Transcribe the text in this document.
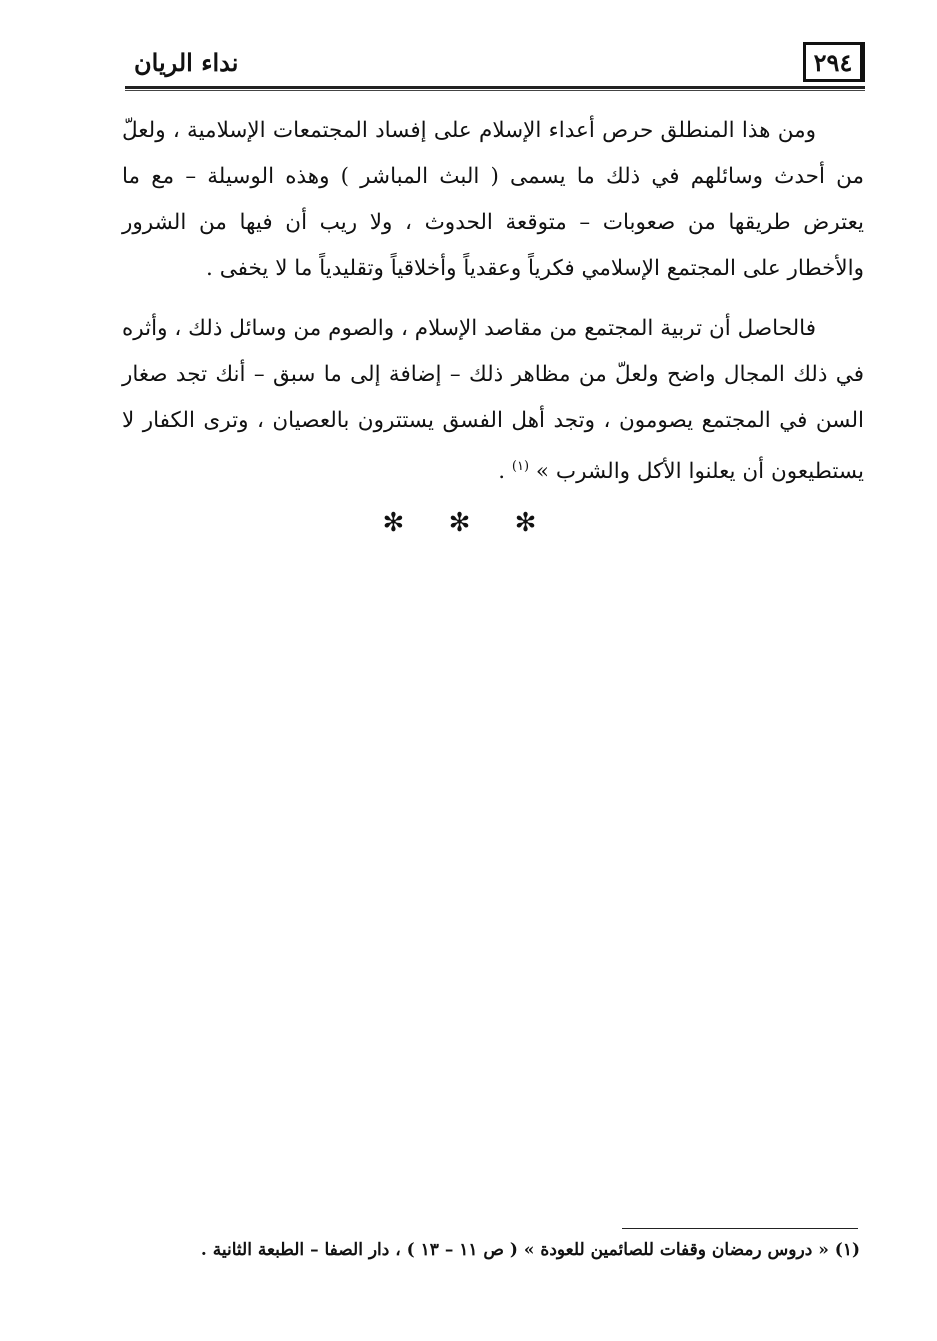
٢٩٤
نداء الريان

ومن هذا المنطلق حرص أعداء الإسلام على إفساد المجتمعات الإسلامية ، ولعلّ من أحدث وسائلهم في ذلك ما يسمى ( البث المباشر ) وهذه الوسيلة – مع ما يعترض طريقها من صعوبات – متوقعة الحدوث ، ولا ريب أن فيها من الشرور والأخطار على المجتمع الإسلامي فكرياً وعقدياً وأخلاقياً وتقليدياً ما لا يخفى .

فالحاصل أن تربية المجتمع من مقاصد الإسلام ، والصوم من وسائل ذلك ، وأثره في ذلك المجال واضح ولعلّ من مظاهر ذلك – إضافة إلى ما سبق – أنك تجد صغار السن في المجتمع يصومون ، وتجد أهل الفسق يستترون بالعصيان ، وترى الكفار لا يستطيعون أن يعلنوا الأكل والشرب » $^{(١)}$ .

✻ ✻ ✻
(١) « دروس رمضان وقفات للصائمين للعودة » ( ص ١١ – ١٣ ) ، دار الصفا – الطبعة الثانية .
